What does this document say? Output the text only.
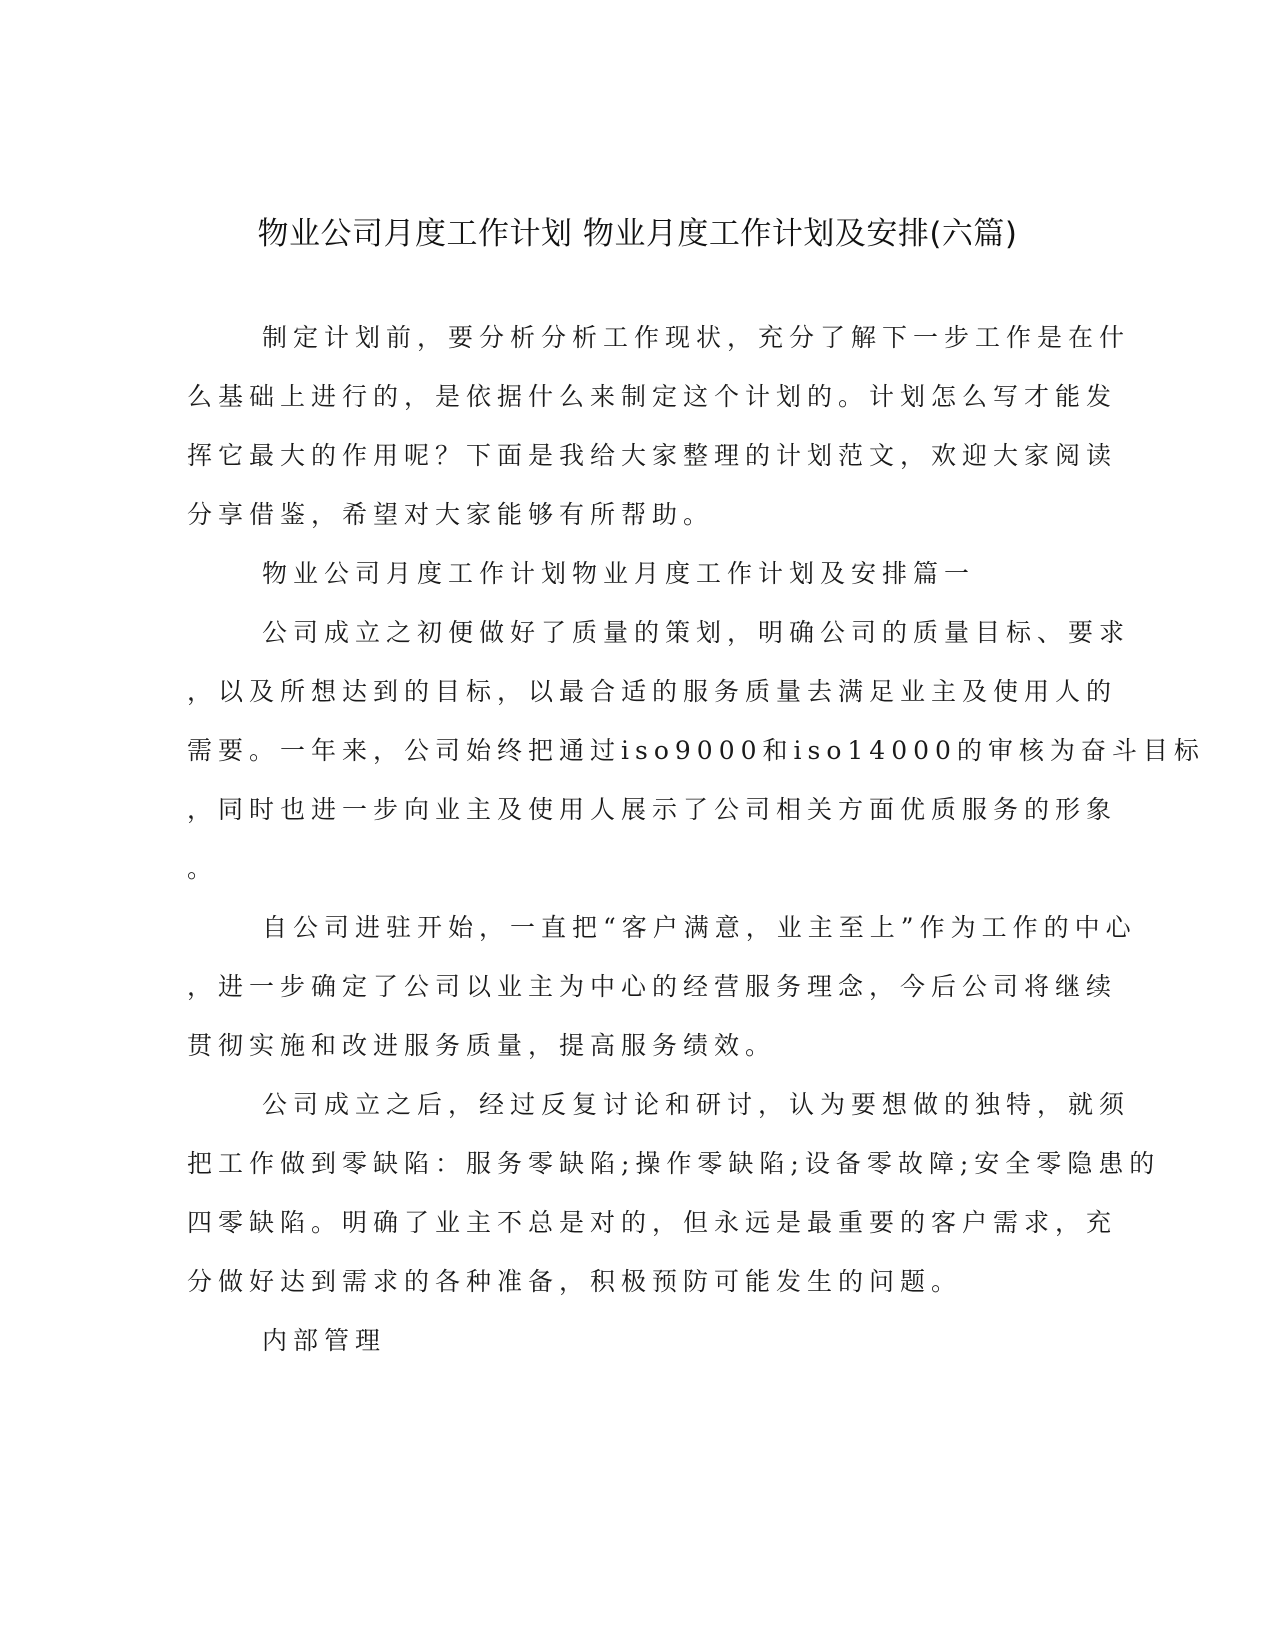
物业公司月度工作计划 物业月度工作计划及安排(六篇)
制定计划前，要分析分析工作现状，充分了解下一步工作是在什
么基础上进行的，是依据什么来制定这个计划的。计划怎么写才能发
挥它最大的作用呢？下面是我给大家整理的计划范文，欢迎大家阅读
分享借鉴，希望对大家能够有所帮助。
物业公司月度工作计划物业月度工作计划及安排篇一
公司成立之初便做好了质量的策划，明确公司的质量目标、要求
，以及所想达到的目标，以最合适的服务质量去满足业主及使用人的
需要。一年来，公司始终把通过iso9000和iso14000的审核为奋斗目标
，同时也进一步向业主及使用人展示了公司相关方面优质服务的形象
。
自公司进驻开始，一直把“客户满意，业主至上”作为工作的中心
，进一步确定了公司以业主为中心的经营服务理念，今后公司将继续
贯彻实施和改进服务质量，提高服务绩效。
公司成立之后，经过反复讨论和研讨，认为要想做的独特，就须
把工作做到零缺陷：服务零缺陷;操作零缺陷;设备零故障;安全零隐患的
四零缺陷。明确了业主不总是对的，但永远是最重要的客户需求，充
分做好达到需求的各种准备，积极预防可能发生的问题。
内部管理
